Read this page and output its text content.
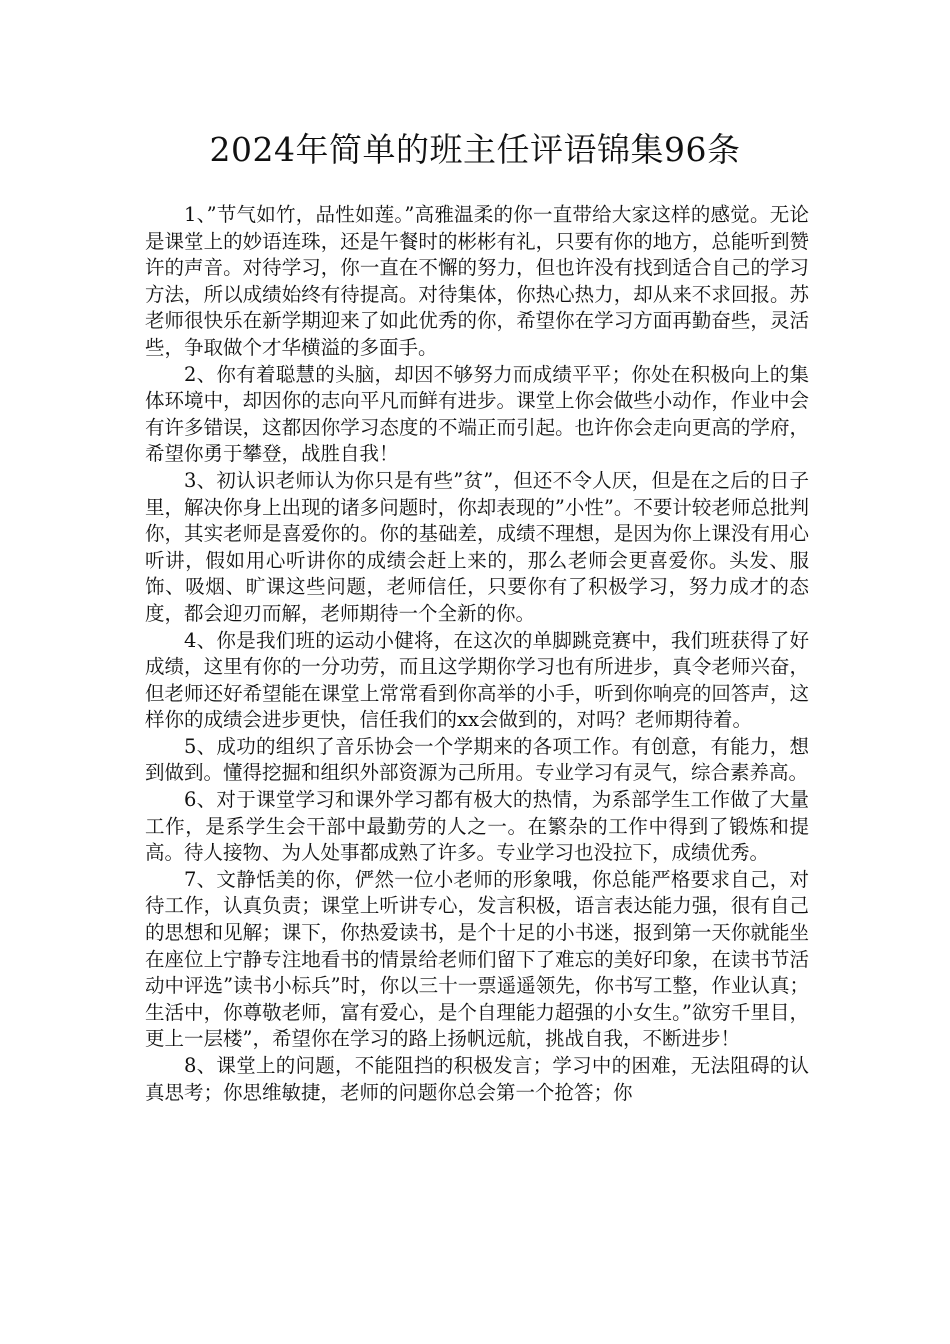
2024年简单的班主任评语锦集96条

1、”节气如竹，品性如莲。”高雅温柔的你一直带给大家这样的感觉。无论是课堂上的妙语连珠，还是午餐时的彬彬有礼，只要有你的地方，总能听到赞许的声音。对待学习，你一直在不懈的努力，但也许没有找到适合自己的学习方法，所以成绩始终有待提高。对待集体，你热心热力，却从来不求回报。苏老师很快乐在新学期迎来了如此优秀的你，希望你在学习方面再勤奋些，灵活些，争取做个才华横溢的多面手。

2、你有着聪慧的头脑，却因不够努力而成绩平平；你处在积极向上的集体环境中，却因你的志向平凡而鲜有进步。课堂上你会做些小动作，作业中会有许多错误，这都因你学习态度的不端正而引起。也许你会走向更高的学府，希望你勇于攀登，战胜自我！

3、初认识老师认为你只是有些”贫”，但还不令人厌，但是在之后的日子里，解决你身上出现的诸多问题时，你却表现的”小性”。不要计较老师总批判你，其实老师是喜爱你的。你的基础差，成绩不理想，是因为你上课没有用心听讲，假如用心听讲你的成绩会赶上来的，那么老师会更喜爱你。头发、服饰、吸烟、旷课这些问题，老师信任，只要你有了积极学习，努力成才的态度，都会迎刃而解，老师期待一个全新的你。

4、你是我们班的运动小健将，在这次的单脚跳竞赛中，我们班获得了好成绩，这里有你的一分功劳，而且这学期你学习也有所进步，真令老师兴奋，但老师还好希望能在课堂上常常看到你高举的小手，听到你响亮的回答声，这样你的成绩会进步更快，信任我们的xx会做到的，对吗？老师期待着。

5、成功的组织了音乐协会一个学期来的各项工作。有创意，有能力，想到做到。懂得挖掘和组织外部资源为己所用。专业学习有灵气，综合素养高。

6、对于课堂学习和课外学习都有极大的热情，为系部学生工作做了大量工作，是系学生会干部中最勤劳的人之一。在繁杂的工作中得到了锻炼和提高。待人接物、为人处事都成熟了许多。专业学习也没拉下，成绩优秀。

7、文静恬美的你，俨然一位小老师的形象哦，你总能严格要求自己，对待工作，认真负责；课堂上听讲专心，发言积极，语言表达能力强，很有自己的思想和见解；课下，你热爱读书，是个十足的小书迷，报到第一天你就能坐在座位上宁静专注地看书的情景给老师们留下了难忘的美好印象，在读书节活动中评选”读书小标兵”时，你以三十一票遥遥领先，你书写工整，作业认真；生活中，你尊敬老师，富有爱心，是个自理能力超强的小女生。”欲穷千里目，更上一层楼”，希望你在学习的路上扬帆远航，挑战自我，不断进步！

8、课堂上的问题，不能阻挡的积极发言；学习中的困难，无法阻碍的认真思考；你思维敏捷，老师的问题你总会第一个抢答；你
